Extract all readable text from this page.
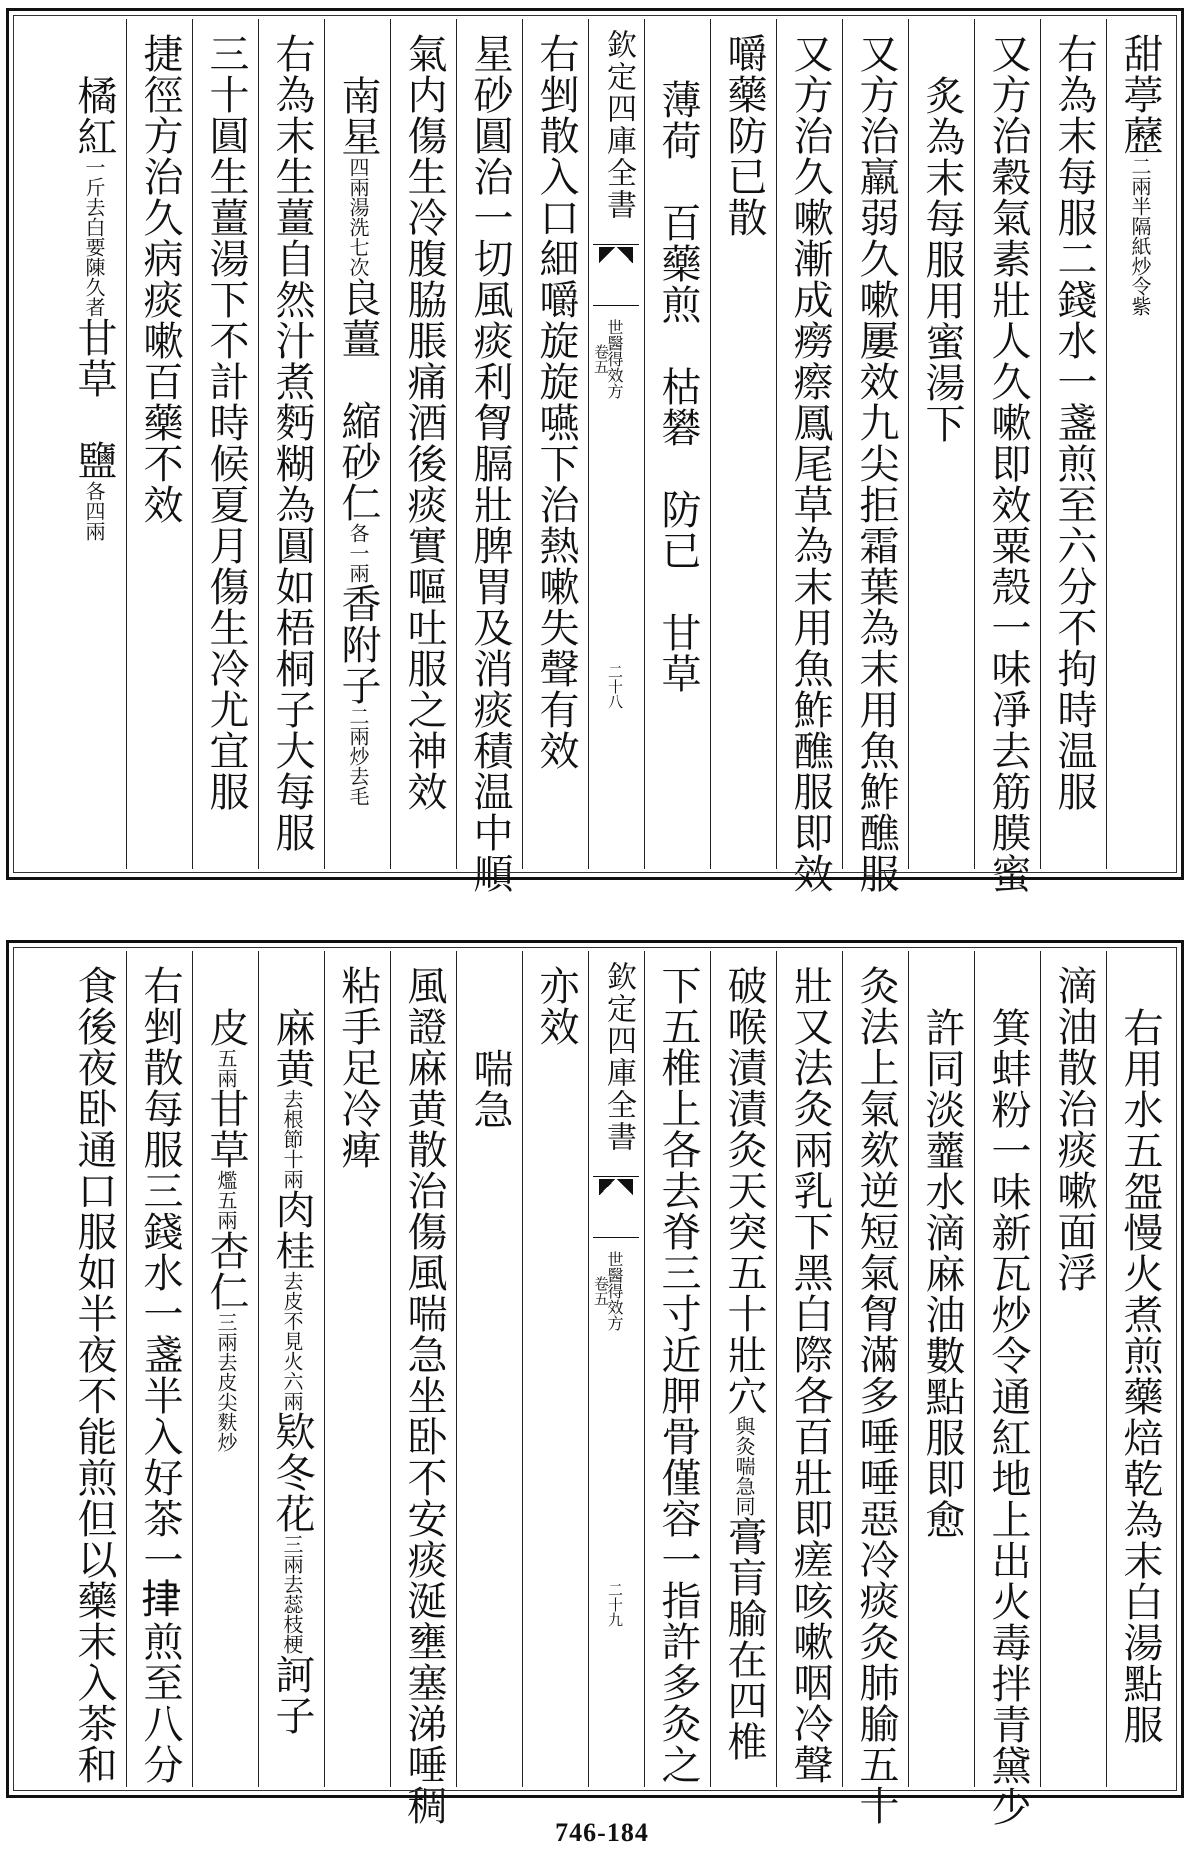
甜葶藶二兩半隔紙炒令紫
右為末每服二錢水一盞煎至六分不拘時温服
又方治穀氣素壯人久嗽即效粟殼一味凈去筋膜蜜
炙為末每服用蜜湯下
又方治羸弱久嗽屢效九尖拒霜葉為末用魚鮓醮服
又方治久嗽漸成癆瘵鳳尾草為末用魚鮓醮服即效
嚼藥防已散
薄荷　百藥煎　枯礬　防已　甘草
欽定四庫全書
世醫得效方
卷五
二十八
右剉散入口細嚼旋旋嚥下治熱嗽失聲有效
星砂圓治一切風痰利胷膈壯脾胃及消痰積温中順
氣内傷生冷腹脇脹痛酒後痰實嘔吐服之神效
南星四兩湯洗七次良薑　縮砂仁各一兩香附子二兩炒去毛
右為末生薑自然汁煮麪糊為圓如梧桐子大每服
三十圓生薑湯下不計時候夏月傷生冷尤宜服
捷徑方治久病痰嗽百藥不效
橘紅一斤去白要陳久者甘草　鹽各四兩
右用水五盌慢火煮煎藥焙乾為末白湯點服
滴油散治痰嗽面浮
箕蚌粉一味新瓦炒令通紅地上出火毒拌青黛少
許同淡虀水滴麻油數點服即愈
灸法上氣欬逆短氣胷滿多唾唾惡冷痰灸肺腧五十
壯又法灸兩乳下黑白際各百壯即瘥咳嗽咽冷聲
破喉漬漬灸天突五十壯穴與灸喘急同膏肓腧在四椎
下五椎上各去脊三寸近胛骨僅容一指許多灸之
欽定四庫全書
世醫得效方
卷五
二十九
亦效
　喘急
風證麻黄散治傷風喘急坐卧不安痰涎壅塞涕唾稠
粘手足冷痺
麻黄去根節十兩肉桂去皮不見火六兩欵冬花三兩去蕊枝梗訶子
皮五兩甘草爁五兩杏仁三兩去皮尖麩炒
右剉散每服三錢水一盞半入好茶一𢫫煎至八分
食後夜卧通口服如半夜不能煎但以藥末入茶和
746-184
